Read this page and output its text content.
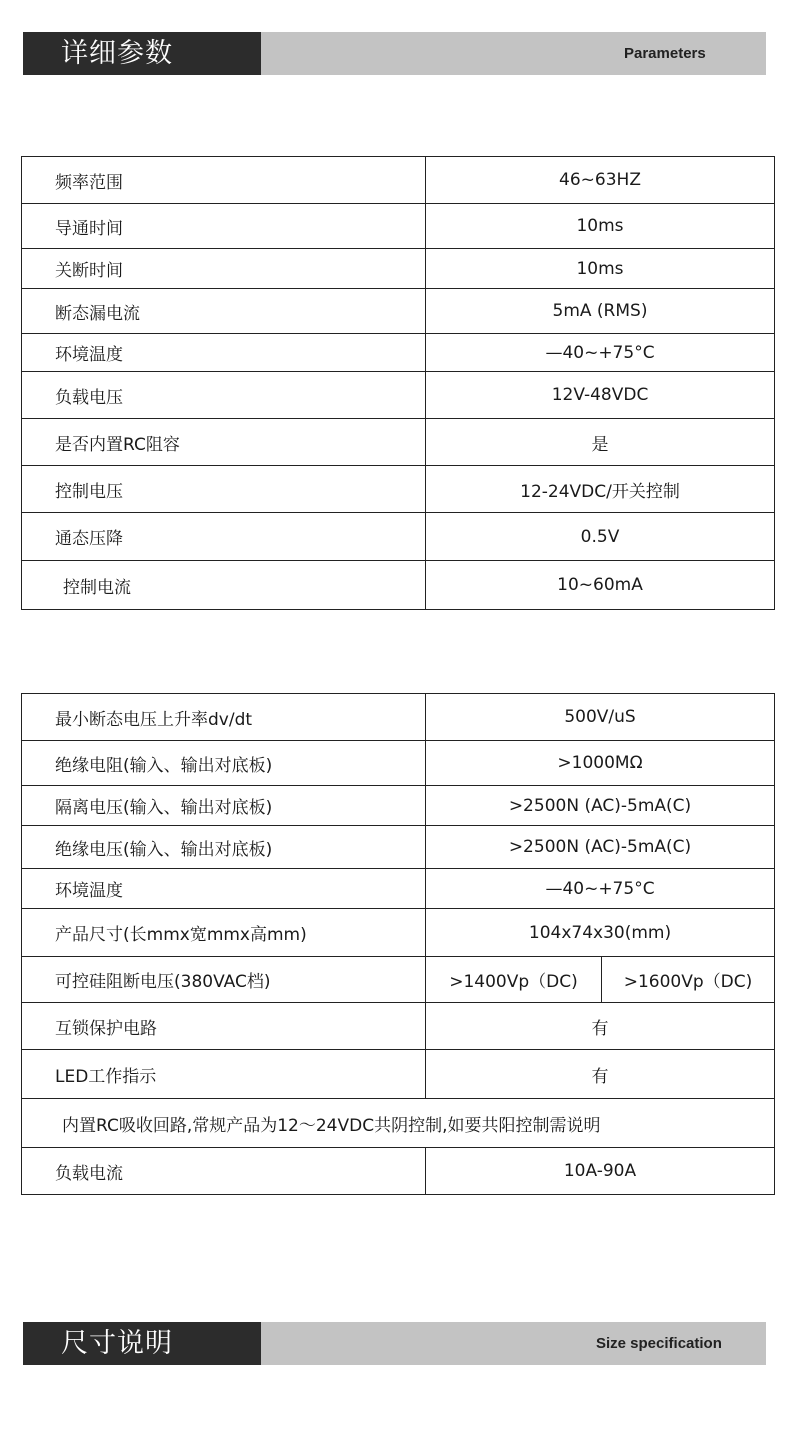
详细参数	Parameters
频率范围	46~63HZ
导通时间	10ms
关断时间	10ms
断态漏电流	5mA (RMS)
环境温度	—40~+75°C
负载电压	12V-48VDC
是否内置RC阻容	是
控制电压	12-24VDC/开关控制
通态压降	0.5V
控制电流	10~60mA
最小断态电压上升率dv/dt	500V/uS	
绝缘电阻(输入、输出对底板)	>1000MΩ	
隔离电压(输入、输出对底板)	>2500N (AC)-5mA(C)	
绝缘电压(输入、输出对底板)	>2500N (AC)-5mA(C)	
环境温度	—40~+75°C	
产品尺寸(长mmx宽mmx高mm)	104x74x30(mm)	
可控硅阻断电压(380VAC档)	>1400Vp（DC)	>1600Vp（DC)
互锁保护电路	有	
LED工作指示	有	
内置RC吸收回路,常规产品为12～24VDC共阴控制,如要共阳控制需说明		
负载电流	10A-90A	
尺寸说明	Size specification
